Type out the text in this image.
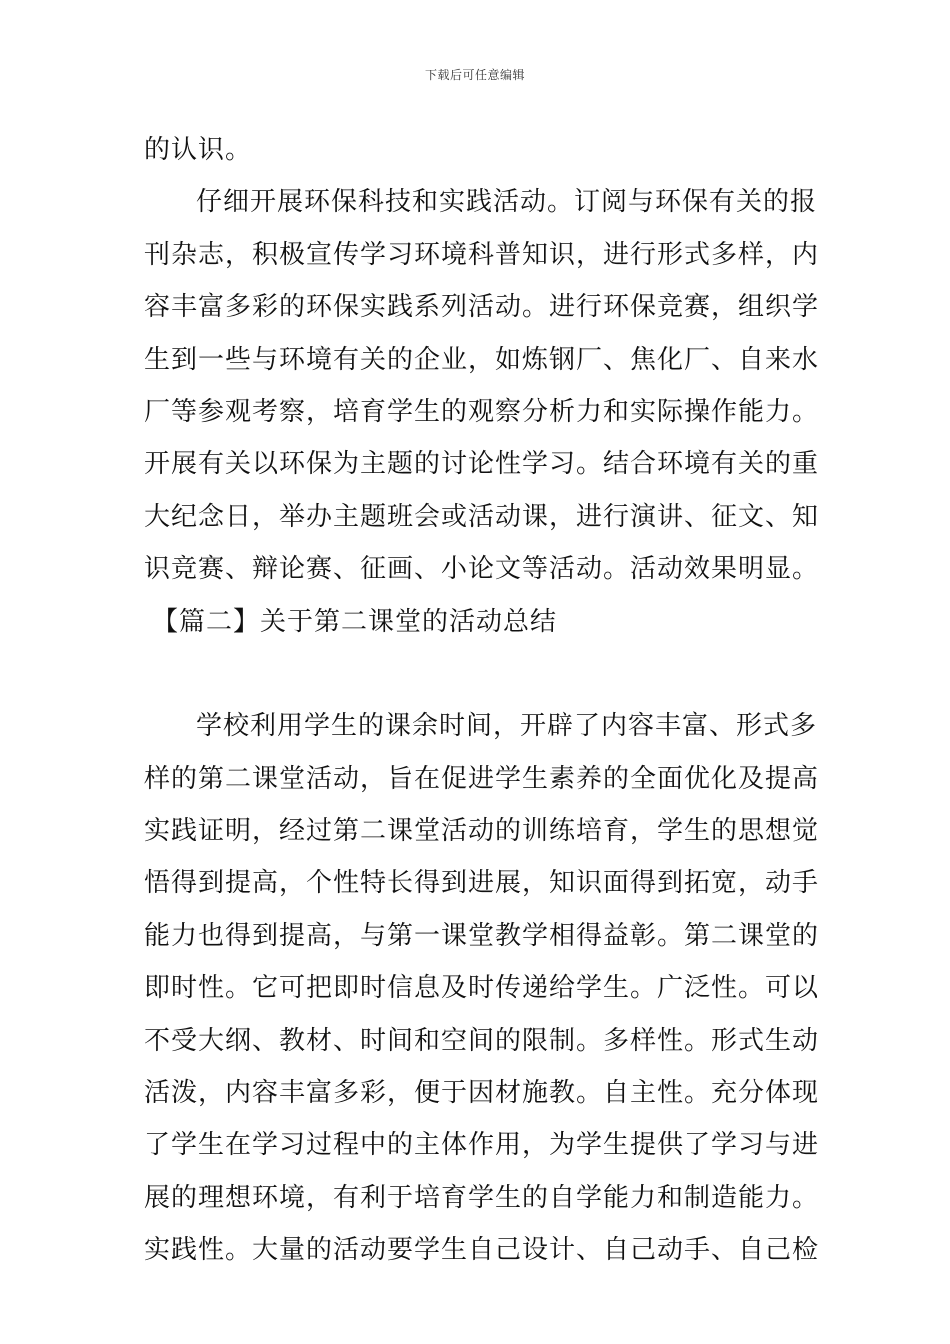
下载后可任意编辑
的认识。
仔细开展环保科技和实践活动。订阅与环保有关的报
刊杂志，积极宣传学习环境科普知识，进行形式多样，内
容丰富多彩的环保实践系列活动。进行环保竞赛，组织学
生到一些与环境有关的企业，如炼钢厂、焦化厂、自来水
厂等参观考察，培育学生的观察分析力和实际操作能力。
开展有关以环保为主题的讨论性学习。结合环境有关的重
大纪念日，举办主题班会或活动课，进行演讲、征文、知
识竞赛、辩论赛、征画、小论文等活动。活动效果明显。
【篇二】关于第二课堂的活动总结
学校利用学生的课余时间，开辟了内容丰富、形式多
样的第二课堂活动，旨在促进学生素养的全面优化及提高
实践证明，经过第二课堂活动的训练培育，学生的思想觉
悟得到提高，个性特长得到进展，知识面得到拓宽，动手
能力也得到提高，与第一课堂教学相得益彰。第二课堂的
即时性。它可把即时信息及时传递给学生。广泛性。可以
不受大纲、教材、时间和空间的限制。多样性。形式生动
活泼，内容丰富多彩，便于因材施教。自主性。充分体现
了学生在学习过程中的主体作用，为学生提供了学习与进
展的理想环境，有利于培育学生的自学能力和制造能力。
实践性。大量的活动要学生自己设计、自己动手、自己检
